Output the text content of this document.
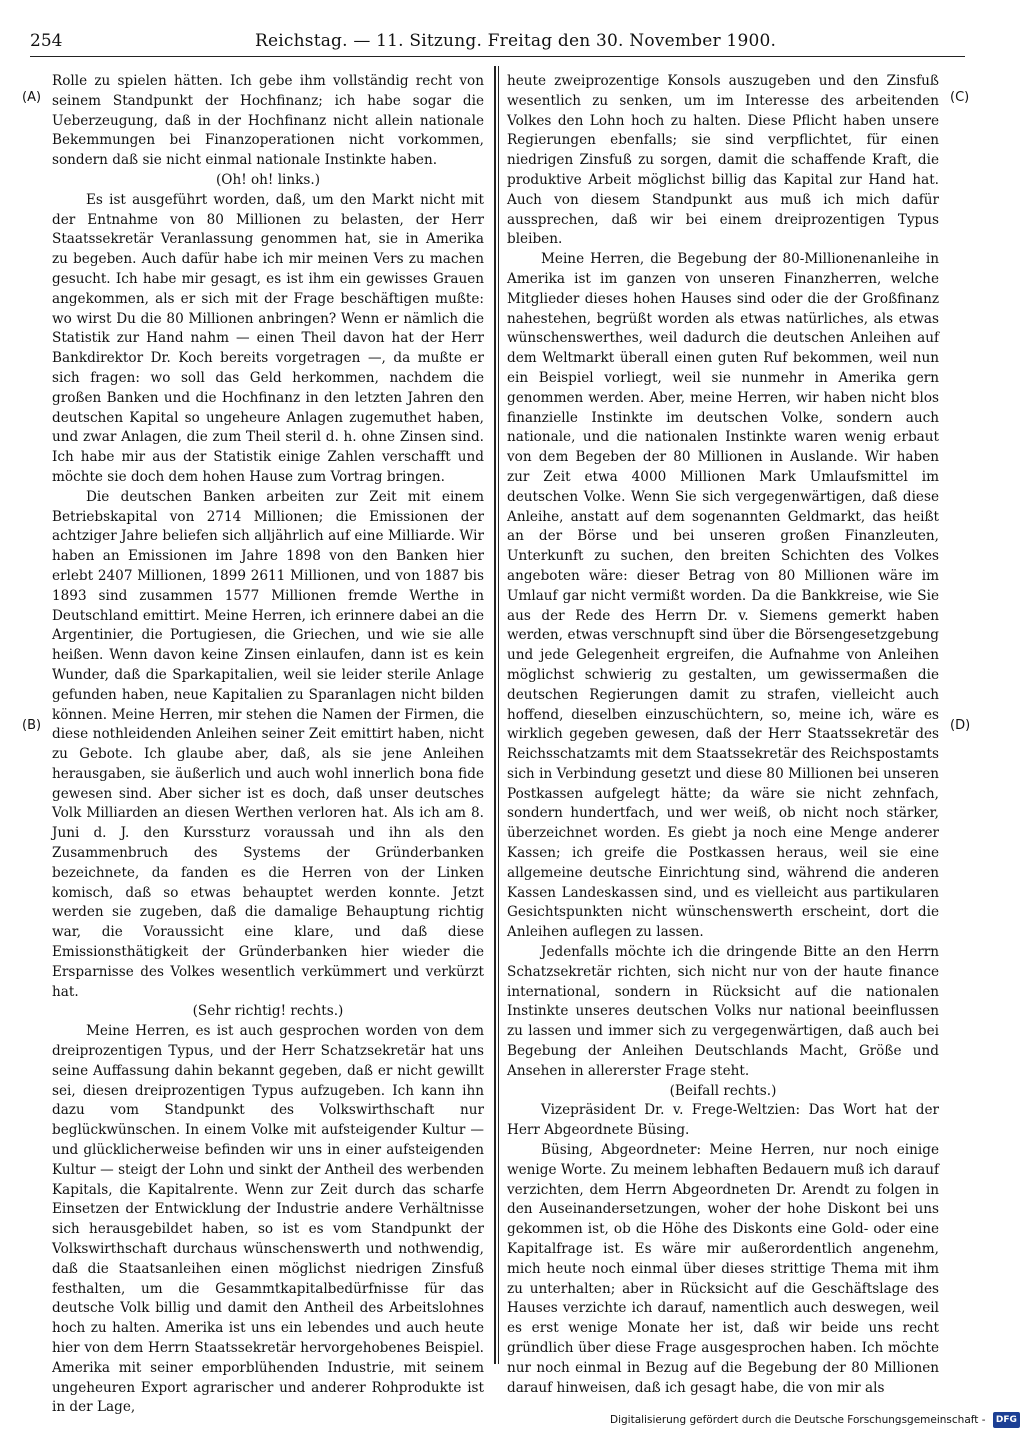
254	Reichstag. — 11. Sitzung. Freitag den 30. November 1900.
(A)
(B)
(C)
(D)

Rolle zu spielen hätten. Ich gebe ihm vollständig recht von seinem Standpunkt der Hochfinanz; ich habe sogar die Ueberzeugung, daß in der Hochfinanz nicht allein nationale Bekemmungen bei Finanzoperationen nicht vorkommen, sondern daß sie nicht einmal nationale Instinkte haben.

(Oh! oh! links.)

Es ist ausgeführt worden, daß, um den Markt nicht mit der Entnahme von 80 Millionen zu belasten, der Herr Staatssekretär Veranlassung genommen hat, sie in Amerika zu begeben. Auch dafür habe ich mir meinen Vers zu machen gesucht. Ich habe mir gesagt, es ist ihm ein gewisses Grauen angekommen, als er sich mit der Frage beschäftigen mußte: wo wirst Du die 80 Millionen anbringen? Wenn er nämlich die Statistik zur Hand nahm — einen Theil davon hat der Herr Bankdirektor Dr. Koch bereits vorgetragen —, da mußte er sich fragen: wo soll das Geld herkommen, nachdem die großen Banken und die Hochfinanz in den letzten Jahren den deutschen Kapital so ungeheure Anlagen zugemuthet haben, und zwar Anlagen, die zum Theil steril d. h. ohne Zinsen sind. Ich habe mir aus der Statistik einige Zahlen verschafft und möchte sie doch dem hohen Hause zum Vortrag bringen.

Die deutschen Banken arbeiten zur Zeit mit einem Betriebskapital von 2714 Millionen; die Emissionen der achtziger Jahre beliefen sich alljährlich auf eine Milliarde. Wir haben an Emissionen im Jahre 1898 von den Banken hier erlebt 2407 Millionen, 1899 2611 Millionen, und von 1887 bis 1893 sind zusammen 1577 Millionen fremde Werthe in Deutschland emittirt. Meine Herren, ich erinnere dabei an die Argentinier, die Portugiesen, die Griechen, und wie sie alle heißen. Wenn davon keine Zinsen einlaufen, dann ist es kein Wunder, daß die Sparkapitalien, weil sie leider sterile Anlage gefunden haben, neue Kapitalien zu Sparanlagen nicht bilden können. Meine Herren, mir stehen die Namen der Firmen, die diese nothleidenden Anleihen seiner Zeit emittirt haben, nicht zu Gebote. Ich glaube aber, daß, als sie jene Anleihen herausgaben, sie äußerlich und auch wohl innerlich bona fide gewesen sind. Aber sicher ist es doch, daß unser deutsches Volk Milliarden an diesen Werthen verloren hat. Als ich am 8. Juni d. J. den Kurssturz voraussah und ihn als den Zusammenbruch des Systems der Gründerbanken bezeichnete, da fanden es die Herren von der Linken komisch, daß so etwas behauptet werden konnte. Jetzt werden sie zugeben, daß die damalige Behauptung richtig war, die Voraussicht eine klare, und daß diese Emissionsthätigkeit der Gründerbanken hier wieder die Ersparnisse des Volkes wesentlich verkümmert und verkürzt hat.

(Sehr richtig! rechts.)

Meine Herren, es ist auch gesprochen worden von dem dreiprozentigen Typus, und der Herr Schatzsekretär hat uns seine Auffassung dahin bekannt gegeben, daß er nicht gewillt sei, diesen dreiprozentigen Typus aufzugeben. Ich kann ihn dazu vom Standpunkt des Volkswirthschaft nur beglückwünschen. In einem Volke mit aufsteigender Kultur — und glücklicherweise befinden wir uns in einer aufsteigenden Kultur — steigt der Lohn und sinkt der Antheil des werbenden Kapitals, die Kapitalrente. Wenn zur Zeit durch das scharfe Einsetzen der Entwicklung der Industrie andere Verhältnisse sich herausgebildet haben, so ist es vom Standpunkt der Volkswirthschaft durchaus wünschenswerth und nothwendig, daß die Staatsanleihen einen möglichst niedrigen Zinsfuß festhalten, um die Gesammtkapitalbedürfnisse für das deutsche Volk billig und damit den Antheil des Arbeitslohnes hoch zu halten. Amerika ist uns ein lebendes und auch heute hier von dem Herrn Staatssekretär hervorgehobenes Beispiel. Amerika mit seiner emporblühenden Industrie, mit seinem ungeheuren Export agrarischer und anderer Rohprodukte ist in der Lage,

heute zweiprozentige Konsols auszugeben und den Zinsfuß wesentlich zu senken, um im Interesse des arbeitenden Volkes den Lohn hoch zu halten. Diese Pflicht haben unsere Regierungen ebenfalls; sie sind verpflichtet, für einen niedrigen Zinsfuß zu sorgen, damit die schaffende Kraft, die produktive Arbeit möglichst billig das Kapital zur Hand hat. Auch von diesem Standpunkt aus muß ich mich dafür aussprechen, daß wir bei einem dreiprozentigen Typus bleiben.

Meine Herren, die Begebung der 80-Millionenanleihe in Amerika ist im ganzen von unseren Finanzherren, welche Mitglieder dieses hohen Hauses sind oder die der Großfinanz nahestehen, begrüßt worden als etwas natürliches, als etwas wünschenswerthes, weil dadurch die deutschen Anleihen auf dem Weltmarkt überall einen guten Ruf bekommen, weil nun ein Beispiel vorliegt, weil sie nunmehr in Amerika gern genommen werden. Aber, meine Herren, wir haben nicht blos finanzielle Instinkte im deutschen Volke, sondern auch nationale, und die nationalen Instinkte waren wenig erbaut von dem Begeben der 80 Millionen in Auslande. Wir haben zur Zeit etwa 4000 Millionen Mark Umlaufsmittel im deutschen Volke. Wenn Sie sich vergegenwärtigen, daß diese Anleihe, anstatt auf dem sogenannten Geldmarkt, das heißt an der Börse und bei unseren großen Finanzleuten, Unterkunft zu suchen, den breiten Schichten des Volkes angeboten wäre: dieser Betrag von 80 Millionen wäre im Umlauf gar nicht vermißt worden. Da die Bankkreise, wie Sie aus der Rede des Herrn Dr. v. Siemens gemerkt haben werden, etwas verschnupft sind über die Börsengesetzgebung und jede Gelegenheit ergreifen, die Aufnahme von Anleihen möglichst schwierig zu gestalten, um gewissermaßen die deutschen Regierungen damit zu strafen, vielleicht auch hoffend, dieselben einzuschüchtern, so, meine ich, wäre es wirklich gegeben gewesen, daß der Herr Staatssekretär des Reichsschatzamts mit dem Staatssekretär des Reichspostamts sich in Verbindung gesetzt und diese 80 Millionen bei unseren Postkassen aufgelegt hätte; da wäre sie nicht zehnfach, sondern hundertfach, und wer weiß, ob nicht noch stärker, überzeichnet worden. Es giebt ja noch eine Menge anderer Kassen; ich greife die Postkassen heraus, weil sie eine allgemeine deutsche Einrichtung sind, während die anderen Kassen Landeskassen sind, und es vielleicht aus partikularen Gesichtspunkten nicht wünschenswerth erscheint, dort die Anleihen auflegen zu lassen.

Jedenfalls möchte ich die dringende Bitte an den Herrn Schatzsekretär richten, sich nicht nur von der haute finance international, sondern in Rücksicht auf die nationalen Instinkte unseres deutschen Volks nur national beeinflussen zu lassen und immer sich zu vergegenwärtigen, daß auch bei Begebung der Anleihen Deutschlands Macht, Größe und Ansehen in allererster Frage steht.

(Beifall rechts.)

Vizepräsident Dr. v. Frege-Weltzien: Das Wort hat der Herr Abgeordnete Büsing.

Büsing, Abgeordneter: Meine Herren, nur noch einige wenige Worte. Zu meinem lebhaften Bedauern muß ich darauf verzichten, dem Herrn Abgeordneten Dr. Arendt zu folgen in den Auseinandersetzungen, woher der hohe Diskont bei uns gekommen ist, ob die Höhe des Diskonts eine Gold- oder eine Kapitalfrage ist. Es wäre mir außerordentlich angenehm, mich heute noch einmal über dieses strittige Thema mit ihm zu unterhalten; aber in Rücksicht auf die Geschäftslage des Hauses verzichte ich darauf, namentlich auch deswegen, weil es erst wenige Monate her ist, daß wir beide uns recht gründlich über diese Frage ausgesprochen haben. Ich möchte nur noch einmal in Bezug auf die Begebung der 80 Millionen darauf hinweisen, daß ich gesagt habe, die von mir als

Digitalisierung gefördert durch die Deutsche Forschungsgemeinschaft - DFG
